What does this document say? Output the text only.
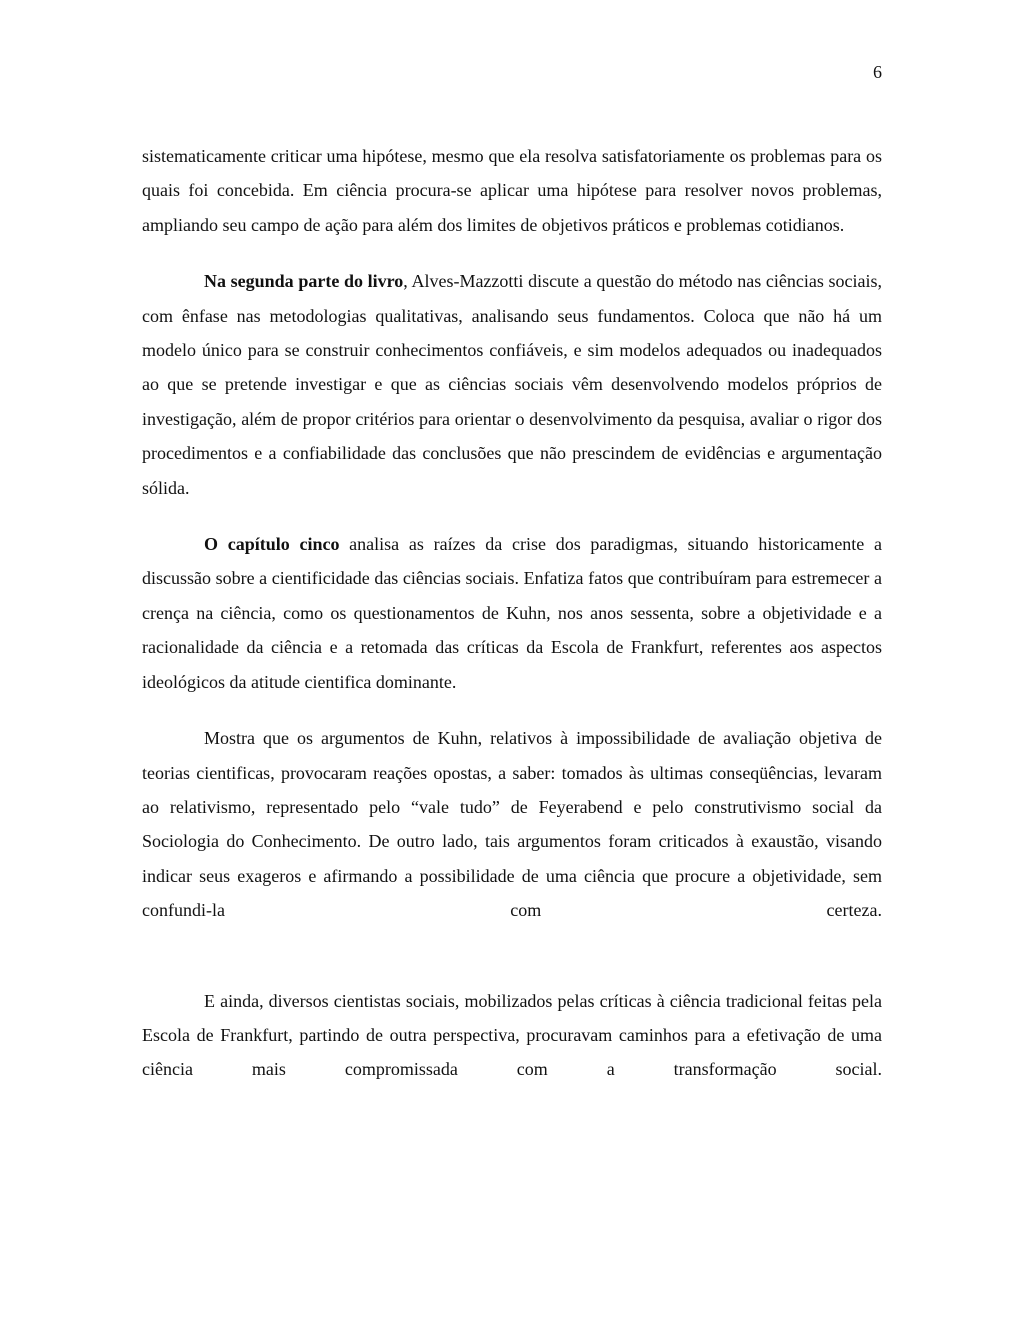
6

sistematicamente criticar uma hipótese, mesmo que ela resolva satisfatoriamente os problemas para os quais foi concebida. Em ciência procura-se aplicar uma hipótese para resolver novos problemas, ampliando seu campo de ação para além dos limites de objetivos práticos e problemas cotidianos.

Na segunda parte do livro, Alves-Mazzotti discute a questão do método nas ciências sociais, com ênfase nas metodologias qualitativas, analisando seus fundamentos. Coloca que não há um modelo único para se construir conhecimentos confiáveis, e sim modelos adequados ou inadequados ao que se pretende investigar e que as ciências sociais vêm desenvolvendo modelos próprios de investigação, além de propor critérios para orientar o desenvolvimento da pesquisa, avaliar o rigor dos procedimentos e a confiabilidade das conclusões que não prescindem de evidências e argumentação sólida.

O capítulo cinco analisa as raízes da crise dos paradigmas, situando historicamente a discussão sobre a cientificidade das ciências sociais. Enfatiza fatos que contribuíram para estremecer a crença na ciência, como os questionamentos de Kuhn, nos anos sessenta, sobre a objetividade e a racionalidade da ciência e a retomada das críticas da Escola de Frankfurt, referentes aos aspectos ideológicos da atitude cientifica dominante.

Mostra que os argumentos de Kuhn, relativos à impossibilidade de avaliação objetiva de teorias cientificas, provocaram reações opostas, a saber: tomados às ultimas conseqüências, levaram ao relativismo, representado pelo “vale tudo” de Feyerabend e pelo construtivismo social da Sociologia do Conhecimento. De outro lado, tais argumentos foram criticados à exaustão, visando indicar seus exageros e afirmando a possibilidade de uma ciência que procure a objetividade, sem confundi-la com certeza.

E ainda, diversos cientistas sociais, mobilizados pelas críticas à ciência tradicional feitas pela Escola de Frankfurt, partindo de outra perspectiva, procuravam caminhos para a efetivação de uma ciência mais compromissada com a transformação social.
